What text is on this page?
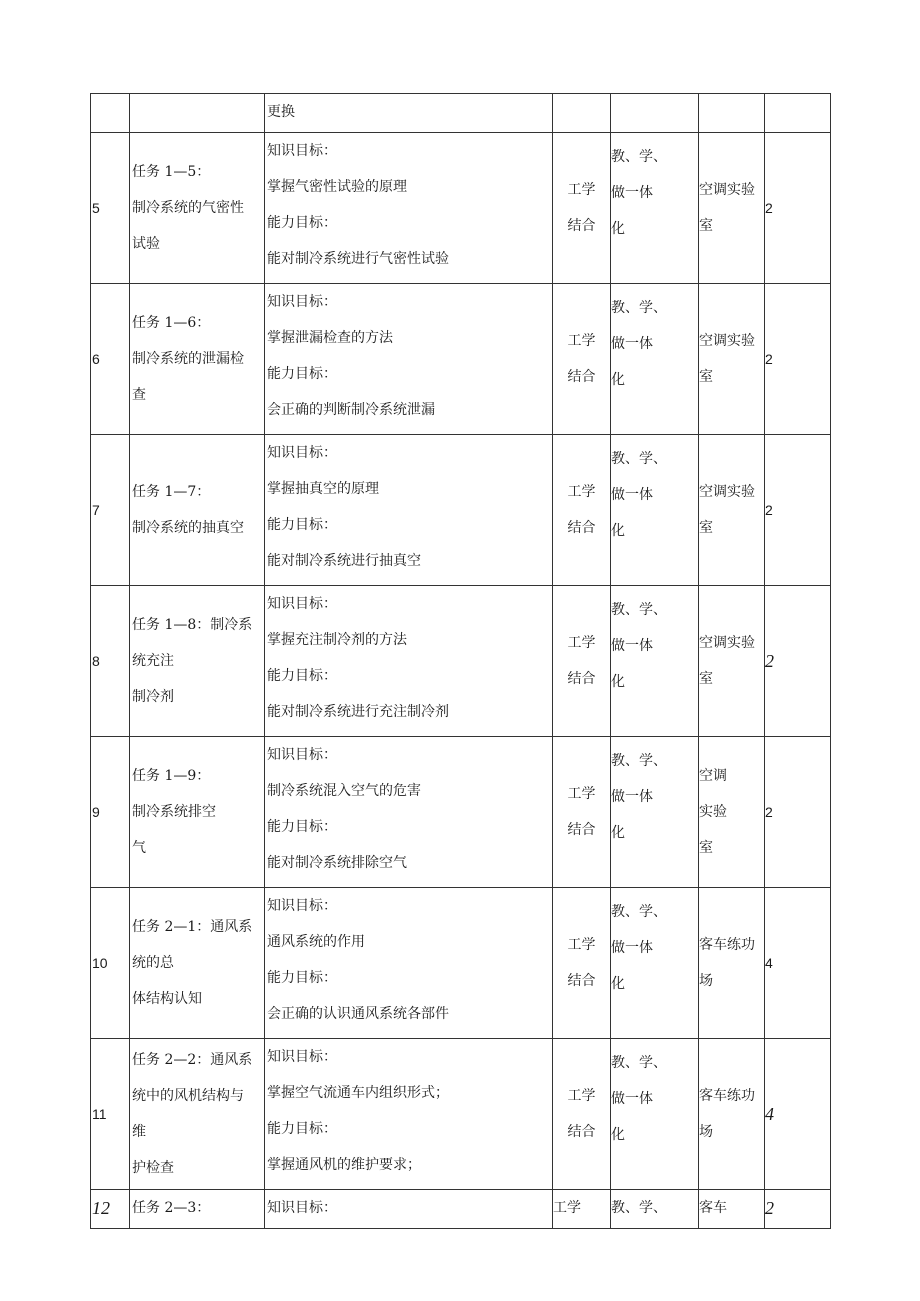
		更换				

5	任务 1—5：
制冷系统的气密性
试验	知识目标：
掌握气密性试验的原理
能力目标：
能对制冷系统进行气密性试验	工学
结合	教、学、
做一体
化	空调实验
室	2
6	任务 1—6：
制冷系统的泄漏检
查	知识目标：
掌握泄漏检查的方法
能力目标：
会正确的判断制冷系统泄漏	工学
结合	教、学、
做一体
化	空调实验
室	2
7	任务 1—7：
制冷系统的抽真空	知识目标：
掌握抽真空的原理
能力目标：
能对制冷系统进行抽真空	工学
结合	教、学、
做一体
化	空调实验
室	2
8	任务 1—8：制冷系
统充注
制冷剂	知识目标：
掌握充注制冷剂的方法
能力目标：
能对制冷系统进行充注制冷剂	工学
结合	教、学、
做一体
化	空调实验
室	2
9	任务 1—9：
制冷系统排空
气	知识目标：
制冷系统混入空气的危害
能力目标：
能对制冷系统排除空气	工学
结合	教、学、
做一体
化	空调
实验
室	2
10	任务 2—1：通风系
统的总
体结构认知	知识目标：
通风系统的作用
能力目标：
会正确的认识通风系统各部件	工学
结合	教、学、
做一体
化	客车练功
场	4
11	任务 2—2：通风系
统中的风机结构与
维
护检查	知识目标：
掌握空气流通车内组织形式；
能力目标：
掌握通风机的维护要求；	工学
结合	教、学、
做一体
化	客车练功
场	4
12	任务 2—3：	知识目标：	工学	教、学、	客车	2
